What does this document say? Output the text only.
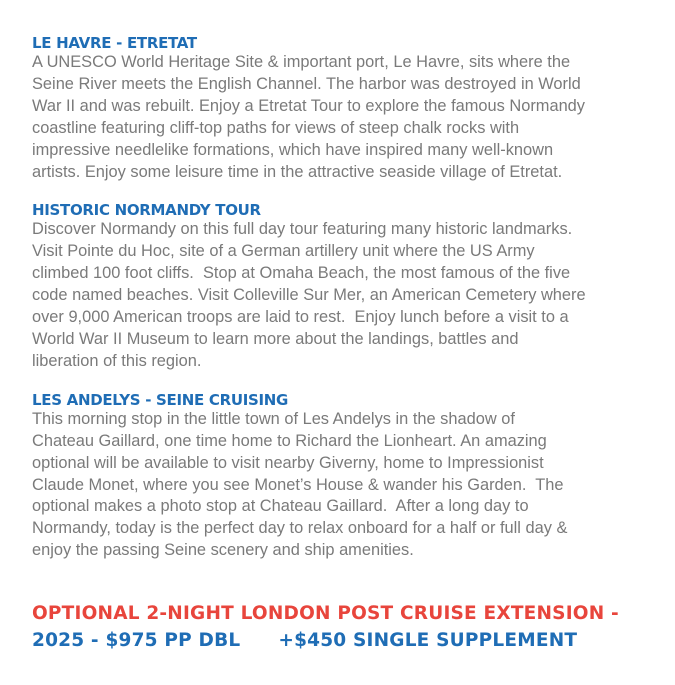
LE HAVRE - ETRETAT

A UNESCO World Heritage Site & important port, Le Havre, sits where the
Seine River meets the English Channel. The harbor was destroyed in World
War II and was rebuilt. Enjoy a Etretat Tour to explore the famous Normandy
coastline featuring cliff-top paths for views of steep chalk rocks with
impressive needlelike formations, which have inspired many well-known
artists. Enjoy some leisure time in the attractive seaside village of Etretat.

HISTORIC NORMANDY TOUR

Discover Normandy on this full day tour featuring many historic landmarks.
Visit Pointe du Hoc, site of a German artillery unit where the US Army
climbed 100 foot cliffs.  Stop at Omaha Beach, the most famous of the five
code named beaches. Visit Colleville Sur Mer, an American Cemetery where
over 9,000 American troops are laid to rest.  Enjoy lunch before a visit to a
World War II Museum to learn more about the landings, battles and
liberation of this region.

LES ANDELYS - SEINE CRUISING

This morning stop in the little town of Les Andelys in the shadow of
Chateau Gaillard, one time home to Richard the Lionheart. An amazing
optional will be available to visit nearby Giverny, home to Impressionist
Claude Monet, where you see Monet’s House & wander his Garden.  The
optional makes a photo stop at Chateau Gaillard.  After a long day to
Normandy, today is the perfect day to relax onboard for a half or full day &
enjoy the passing Seine scenery and ship amenities.

OPTIONAL 2-NIGHT LONDON POST CRUISE EXTENSION -
2025 - $975 PP DBL +$450 SINGLE SUPPLEMENT
